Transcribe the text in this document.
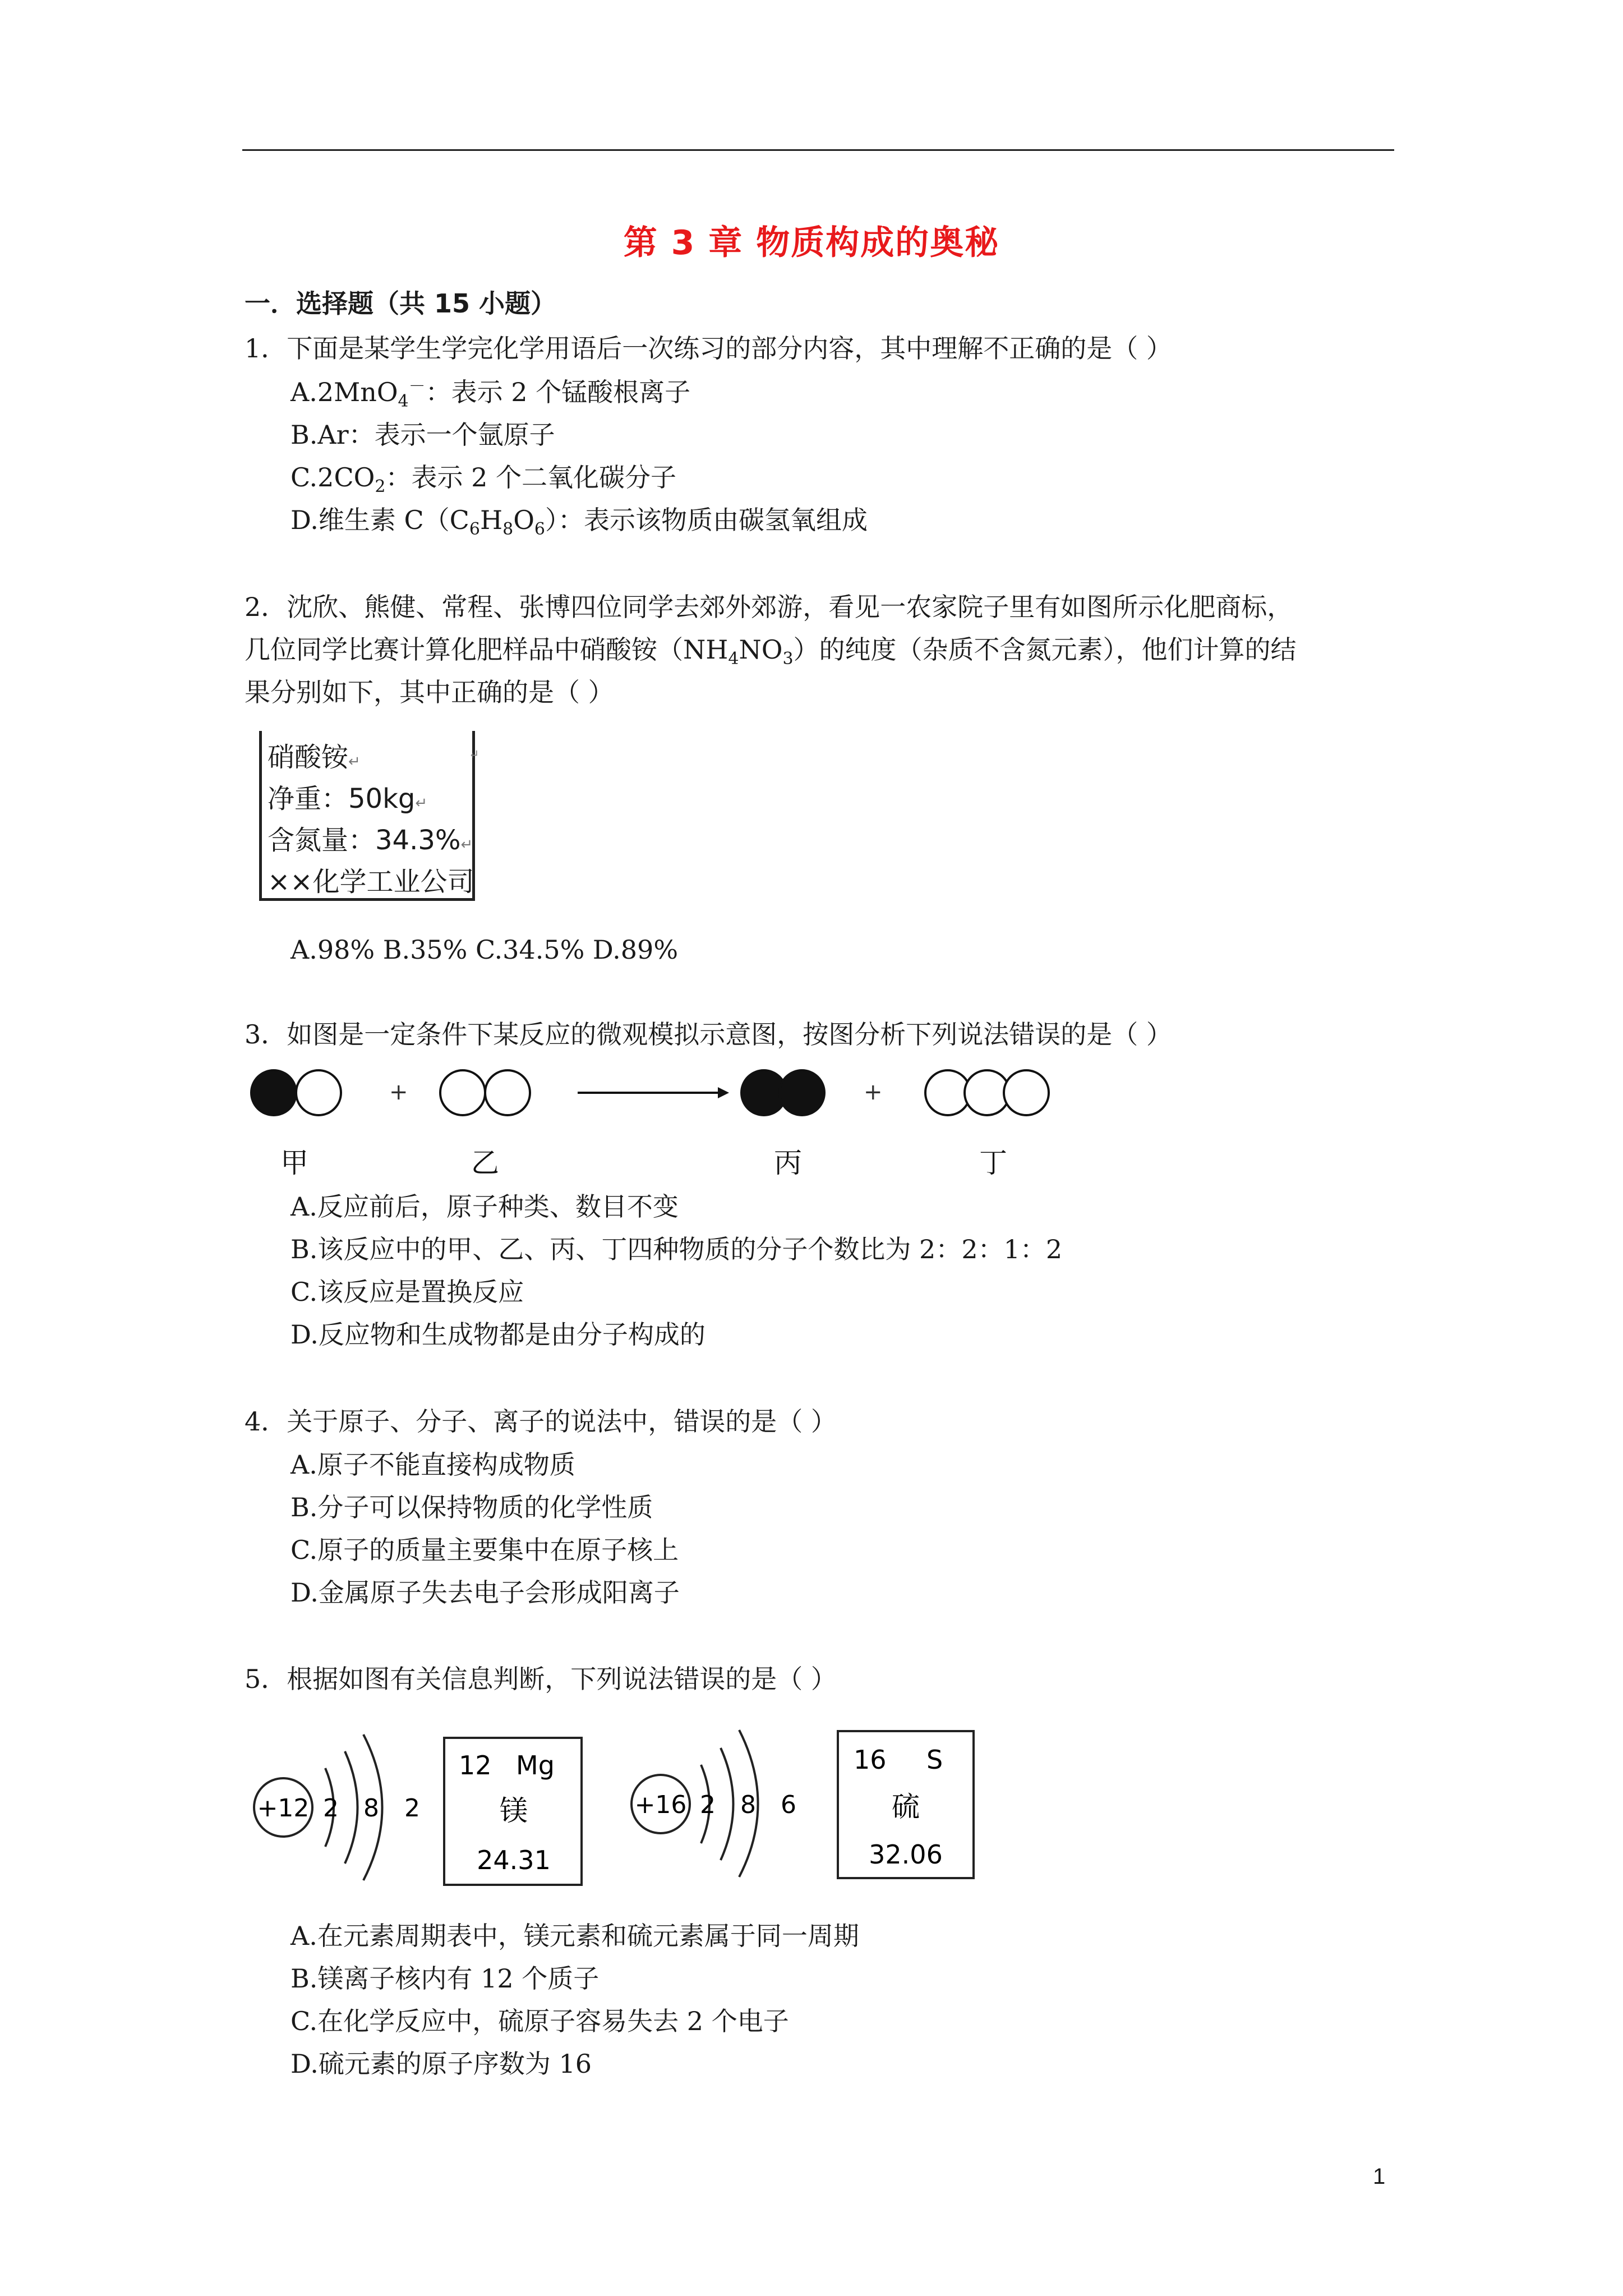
第 3 章 物质构成的奥秘
一．选择题（共 15 小题）
1．下面是某学生学完化学用语后一次练习的部分内容，其中理解不正确的是（ ）
A.2MnO$_4$－：表示 2 个锰酸根离子
B.Ar：表示一个氩原子
$C.2CO_2$：表示 2 个二氧化碳分子
D.维生素 $C(C_6H_8O_6)$：表示该物质由碳氢氧组成
2．沈欣、熊健、常程、张博四位同学去郊外郊游，看见一农家院子里有如图所示化肥商标，
几位同学比赛计算化肥样品中硝酸铵$(NH_4NO_3)$的纯度（杂质不含氮元素），他们计算的结
果分别如下，其中正确的是（ ）
硝酸铵↵
净重：50kg↵
含氮量：34.3%↵
××化学工业公司
↵
A.98% B.35% C.34.5% D.89%
3．如图是一定条件下某反应的微观模拟示意图，按图分析下列说法错误的是（ ）
+	+
甲	乙	丙	丁
A.反应前后，原子种类、数目不变
B.该反应中的甲、乙、丙、丁四种物质的分子个数比为 2：2：1：2
C.该反应是置换反应
D.反应物和生成物都是由分子构成的
4．关于原子、分子、离子的说法中，错误的是（ ）
A.原子不能直接构成物质
B.分子可以保持物质的化学性质
C.原子的质量主要集中在原子核上
D.金属原子失去电子会形成阳离子
5．根据如图有关信息判断，下列说法错误的是（ ）
+12 2 8 2
12 Mg
镁
24.31
+16 2 8 6
16 S
硫
32.06
A.在元素周期表中，镁元素和硫元素属于同一周期
B.镁离子核内有 12 个质子
C.在化学反应中，硫原子容易失去 2 个电子
D.硫元素的原子序数为 16
1
